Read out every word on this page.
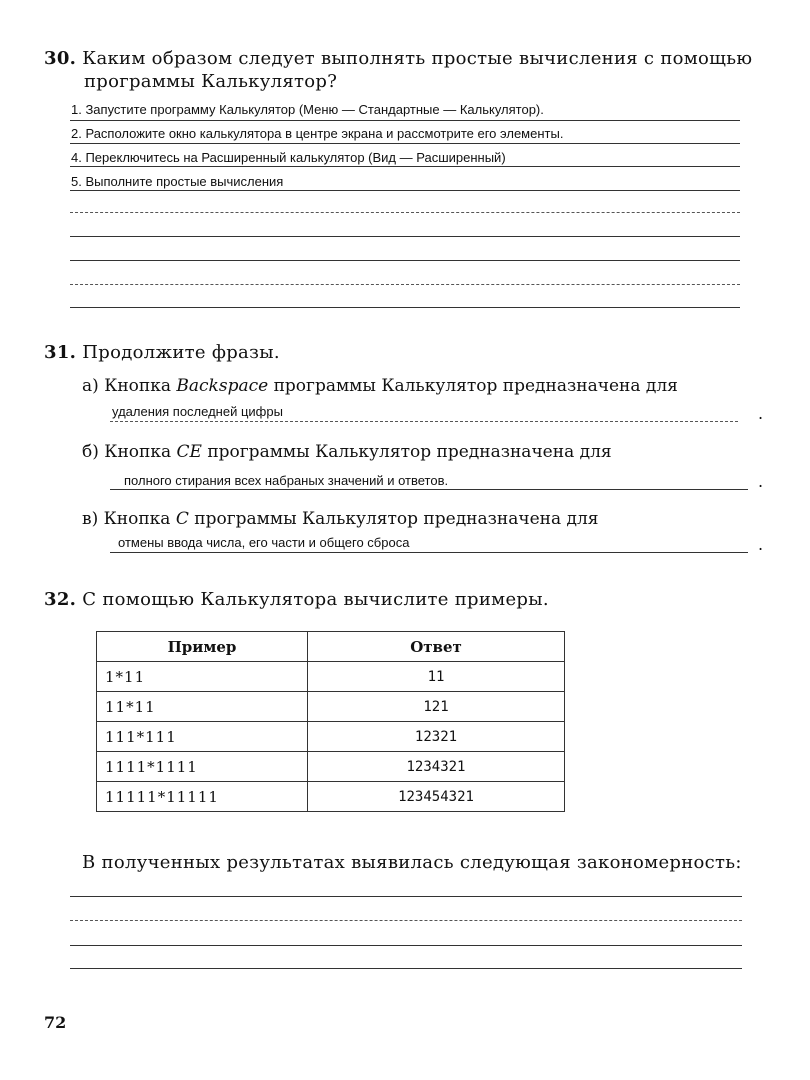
30. Каким образом следует выполнять простые вычисления с помощью
программы Калькулятор?
1. Запустите программу Калькулятор (Меню — Стандартные — Калькулятор).
2. Расположите окно калькулятора в центре экрана и рассмотрите его элементы.
4. Переключитесь на Расширенный калькулятор (Вид — Расширенный)
5. Выполните простые вычисления
31. Продолжите фразы.
а) Кнопка Backspace программы Калькулятор предназначена для
удаления последней цифры	.
б) Кнопка CE программы Калькулятор предназначена для
полного стирания всех набраных значений и ответов.	.
в) Кнопка C программы Калькулятор предназначена для
отмены ввода числа, его части и общего сброса	.
32. С помощью Калькулятора вычислите примеры.
Пример	Ответ
1*11	11
11*11	121
111*111	12321
1111*1111	1234321
11111*11111	123454321
В полученных результатах выявилась следующая закономерность:
72
